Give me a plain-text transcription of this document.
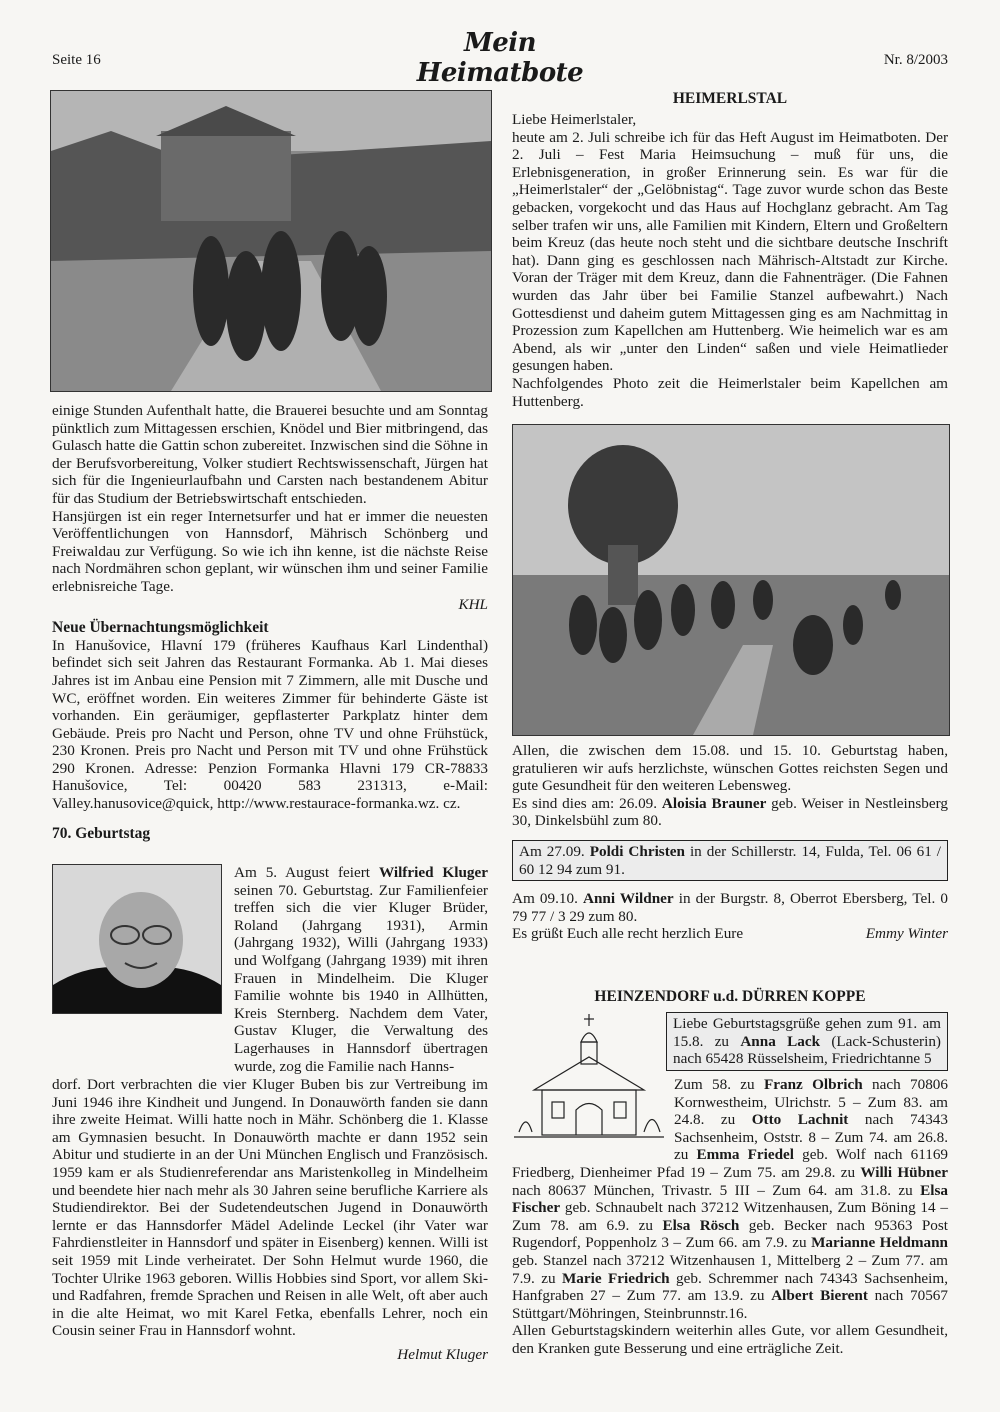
Seite 16
Mein Heimatbote	Nr. 8/2003
einige Stunden Aufenthalt hatte, die Brauerei besuchte und am Sonntag pünktlich zum Mittagessen erschien, Knödel und Bier mitbringend, das Gulasch hatte die Gattin schon zubereitet. Inzwischen sind die Söhne in der Berufsvorbereitung, Volker studiert Rechtswissenschaft, Jürgen hat sich für die Ingenieurlaufbahn und Carsten nach bestandenem Abitur für das Studium der Betriebswirtschaft entschieden.
Hansjürgen ist ein reger Internetsurfer und hat er immer die neuesten Veröffentlichungen von Hannsdorf, Mährisch Schönberg und Freiwaldau zur Verfügung. So wie ich ihn kenne, ist die nächste Reise nach Nordmähren schon geplant, wir wünschen ihm und seiner Familie erlebnisreiche Tage.
KHL
Neue Übernachtungsmöglichkeit
In Hanušovice, Hlavní 179 (früheres Kaufhaus Karl Lindenthal) befindet sich seit Jahren das Restaurant Formanka. Ab 1. Mai dieses Jahres ist im Anbau eine Pension mit 7 Zimmern, alle mit Dusche und WC, eröffnet worden. Ein weiteres Zimmer für behinderte Gäste ist vorhanden. Ein geräumiger, gepflasterter Parkplatz hinter dem Gebäude. Preis pro Nacht und Person, ohne TV und ohne Frühstück, 230 Kronen. Preis pro Nacht und Person mit TV und ohne Frühstück 290 Kronen. Adresse: Penzion Formanka Hlavni 179 CR-78833 Hanušovice, Tel: 00420 583 231313, e-Mail: Valley.hanusovice@quick, http://www.restaurace-formanka.wz. cz.
70. Geburtstag
Am 5. August feiert Wilfried Kluger seinen 70. Geburtstag. Zur Familienfeier treffen sich die vier Kluger Brüder, Roland (Jahrgang 1931), Armin (Jahrgang 1932), Willi (Jahrgang 1933) und Wolfgang (Jahrgang 1939) mit ihren Frauen in Mindelheim. Die Kluger Familie wohnte bis 1940 in Allhütten, Kreis Sternberg. Nachdem dem Vater, Gustav Kluger, die Verwaltung des Lagerhauses in Hannsdorf übertragen wurde, zog die Familie nach Hanns-
dorf. Dort verbrachten die vier Kluger Buben bis zur Vertreibung im Juni 1946 ihre Kindheit und Jungend. In Donauwörth fanden sie dann ihre zweite Heimat. Willi hatte noch in Mähr. Schönberg die 1. Klasse am Gymnasien besucht. In Donauwörth machte er dann 1952 sein Abitur und studierte in an der Uni München Englisch und Französisch. 1959 kam er als Studienreferendar ans Maristenkolleg in Mindelheim und beendete hier nach mehr als 30 Jahren seine berufliche Karriere als Studiendirektor. Bei der Sudetendeutschen Jugend in Donauwörth lernte er das Hannsdorfer Mädel Adelinde Leckel (ihr Vater war Fahrdienstleiter in Hannsdorf und später in Eisenberg) kennen. Willi ist seit 1959 mit Linde verheiratet. Der Sohn Helmut wurde 1960, die Tochter Ulrike 1963 geboren. Willis Hobbies sind Sport, vor allem Ski- und Radfahren, fremde Sprachen und Reisen in alle Welt, oft aber auch in die alte Heimat, wo mit Karel Fetka, ebenfalls Lehrer, noch ein Cousin seiner Frau in Hannsdorf wohnt.
Helmut Kluger
HEIMERLSTAL
Liebe Heimerlstaler,
heute am 2. Juli schreibe ich für das Heft August im Heimatboten. Der 2. Juli – Fest Maria Heimsuchung – muß für uns, die Erlebnisgeneration, in großer Erinnerung sein. Es war für die „Heimerlstaler“ der „Gelöbnistag“. Tage zuvor wurde schon das Beste gebacken, vorgekocht und das Haus auf Hochglanz gebracht. Am Tag selber trafen wir uns, alle Familien mit Kindern, Eltern und Großeltern beim Kreuz (das heute noch steht und die sichtbare deutsche Inschrift hat). Dann ging es geschlossen nach Mährisch-Altstadt zur Kirche. Voran der Träger mit dem Kreuz, dann die Fahnenträger. (Die Fahnen wurden das Jahr über bei Familie Stanzel aufbewahrt.) Nach Gottesdienst und daheim gutem Mittagessen ging es am Nachmittag in Prozession zum Kapellchen am Huttenberg. Wie heimelich war es am Abend, als wir „unter den Linden“ saßen und viele Heimatlieder gesungen haben.
Nachfolgendes Photo zeit die Heimerlstaler beim Kapellchen am Huttenberg.
Allen, die zwischen dem 15.08. und 15. 10. Geburtstag haben, gratulieren wir aufs herzlichste, wünschen Gottes reichsten Segen und gute Gesundheit für den weiteren Lebensweg.
Es sind dies am: 26.09. Aloisia Brauner geb. Weiser in Nestleinsberg 30, Dinkelsbühl zum 80.
Am 27.09. Poldi Christen in der Schillerstr. 14, Fulda, Tel. 06 61 / 60 12 94 zum 91.
Am 09.10. Anni Wildner in der Burgstr. 8, Oberrot Ebersberg, Tel. 0 79 77 / 3 29 zum 80.
Es grüßt Euch alle recht herzlich Eure	Emmy Winter
HEINZENDORF u.d. DÜRREN KOPPE
Liebe Geburtstagsgrüße gehen zum 91. am 15.8. zu Anna Lack (Lack-Schusterin) nach 65428 Rüsselsheim, Friedrichtanne 5
Zum 58. zu Franz Olbrich nach 70806 Kornwestheim, Ulrichstr. 5 – Zum 83. am 24.8. zu Otto Lachnit nach 74343 Sachsenheim, Oststr. 8 – Zum 74. am 26.8. zu Emma Friedel geb. Wolf nach 61169 Friedberg, Dienheimer Pfad 19 – Zum 75. am 29.8. zu Willi Hübner nach 80637 München, Trivastr. 5 III – Zum 64. am 31.8. zu Elsa Fischer geb. Schnaubelt nach 37212 Witzenhausen, Zum Böning 14 – Zum 78. am 6.9. zu Elsa Rösch geb. Becker nach 95363 Post Rugendorf, Poppenholz 3 – Zum 66. am 7.9. zu Marianne Heldmann geb. Stanzel nach 37212 Witzenhausen 1, Mittelberg 2 – Zum 77. am 7.9. zu Marie Friedrich geb. Schremmer nach 74343 Sachsenheim, Hanfgraben 27 – Zum 77. am 13.9. zu Albert Bierent nach 70567 Stüttgart/Möhringen, Steinbrunnstr.16.
Allen Geburtstagskindern weiterhin alles Gute, vor allem Gesundheit, den Kranken gute Besserung und eine erträgliche Zeit.
